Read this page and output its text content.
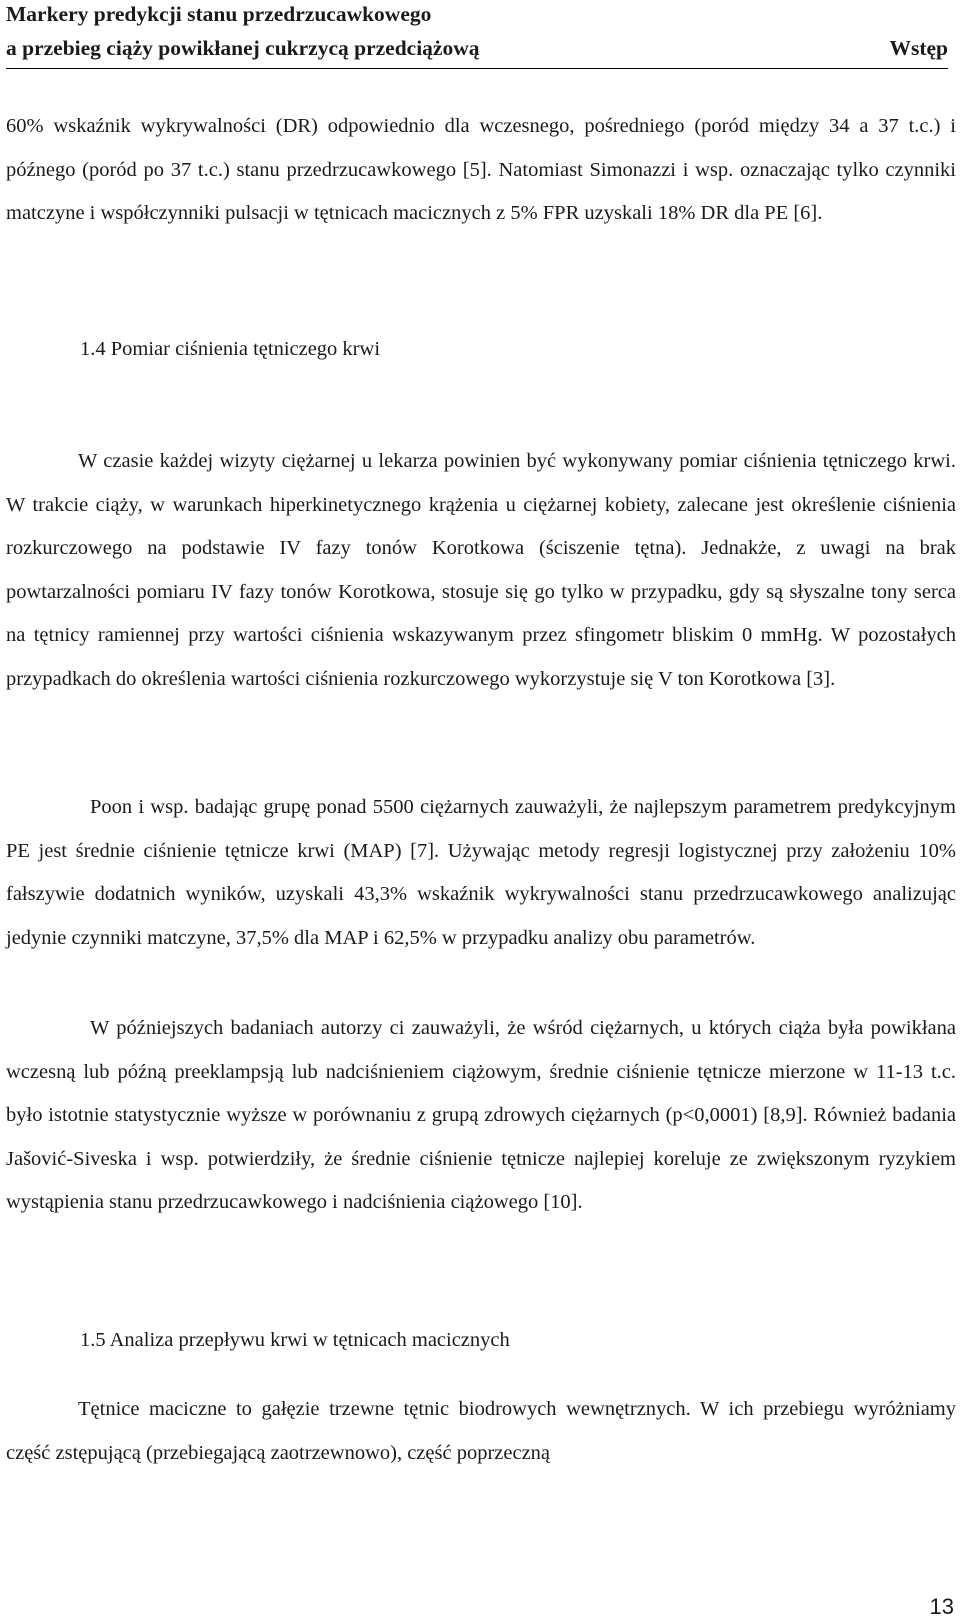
Markery predykcji stanu przedrzucawkowego
a przebieg ciąży powikłanej cukrzycą przedciążową	Wstęp
60% wskaźnik wykrywalności (DR) odpowiednio dla wczesnego, pośredniego (poród między 34 a 37 t.c.) i późnego (poród po 37 t.c.) stanu przedrzucawkowego [5]. Natomiast Simonazzi i wsp. oznaczając tylko czynniki matczyne i współczynniki pulsacji w tętnicach macicznych z 5% FPR uzyskali 18% DR dla PE [6].
1.4 Pomiar ciśnienia tętniczego krwi
W czasie każdej wizyty ciężarnej u lekarza powinien być wykonywany pomiar ciśnienia tętniczego krwi. W trakcie ciąży, w warunkach hiperkinetycznego krążenia u ciężarnej kobiety, zalecane jest określenie ciśnienia rozkurczowego na podstawie IV fazy tonów Korotkowa (ściszenie tętna). Jednakże, z uwagi na brak powtarzalności pomiaru IV fazy tonów Korotkowa, stosuje się go tylko w przypadku, gdy są słyszalne tony serca na tętnicy ramiennej przy wartości ciśnienia wskazywanym przez sfingometr bliskim 0 mmHg. W pozostałych przypadkach do określenia wartości ciśnienia rozkurczowego wykorzystuje się V ton Korotkowa [3].
Poon i wsp. badając grupę ponad 5500 ciężarnych zauważyli, że najlepszym parametrem predykcyjnym PE jest średnie ciśnienie tętnicze krwi (MAP) [7]. Używając metody regresji logistycznej przy założeniu 10% fałszywie dodatnich wyników, uzyskali 43,3% wskaźnik wykrywalności stanu przedrzucawkowego analizując jedynie czynniki matczyne, 37,5% dla MAP i 62,5% w przypadku analizy obu parametrów.
W późniejszych badaniach autorzy ci zauważyli, że wśród ciężarnych, u których ciąża była powikłana wczesną lub późną preeklampsją lub nadciśnieniem ciążowym, średnie ciśnienie tętnicze mierzone w 11-13 t.c. było istotnie statystycznie wyższe w porównaniu z grupą zdrowych ciężarnych (p<0,0001) [8,9]. Również badania Jašović-Siveska i wsp. potwierdziły, że średnie ciśnienie tętnicze najlepiej koreluje ze zwiększonym ryzykiem wystąpienia stanu przedrzucawkowego i nadciśnienia ciążowego [10].
1.5 Analiza przepływu krwi w tętnicach macicznych
Tętnice maciczne to gałęzie trzewne tętnic biodrowych wewnętrznych. W ich przebiegu wyróżniamy część zstępującą (przebiegającą zaotrzewnowo), część poprzeczną
13
